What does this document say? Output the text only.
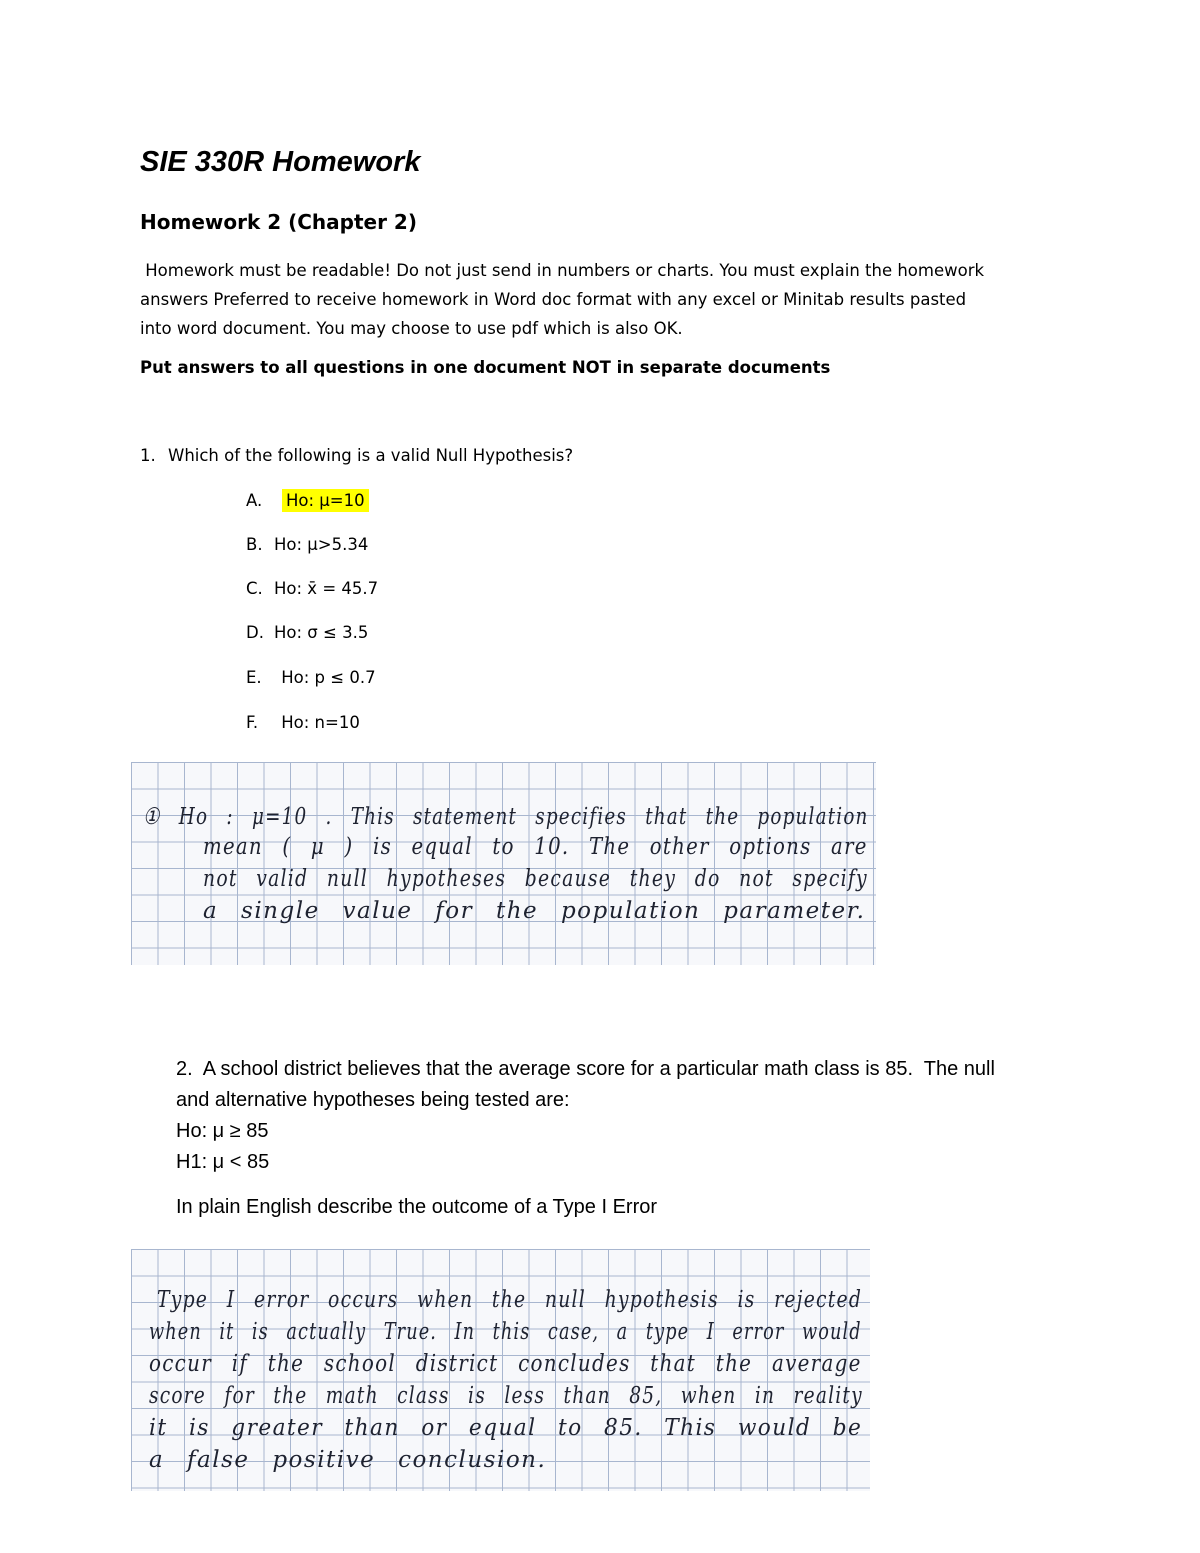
SIE 330R Homework
Homework 2 (Chapter 2)
Homework must be readable! Do not just send in numbers or charts. You must explain the homework
answers Preferred to receive homework in Word doc format with any excel or Minitab results pasted
into word document. You may choose to use pdf which is also OK.
Put answers to all questions in one document NOT in separate documents
1. Which of the following is a valid Null Hypothesis?
A. Ho: μ=10
B. Ho: μ>5.34
C. Ho: x̄ = 45.7
D. Ho: σ ≤ 3.5
E. Ho: p ≤ 0.7
F. Ho: n=10
① Ho : μ=10 . This statement specifies that the population
mean ( μ ) is equal to 10. The other options are
not valid null hypotheses because they do not specify
a single value for the population parameter.
2.  A school district believes that the average score for a particular math class is 85.  The null
and alternative hypotheses being tested are:
Ho: μ ≥ 85
H1: μ < 85
In plain English describe the outcome of a Type I Error
Type I error occurs when the null hypothesis is rejected
when it is actually True. In this case, a type I error would
occur if the school district concludes that the average
score for the math class is less than 85, when in reality
it is greater than or equal to 85. This would be
a false positive conclusion.
